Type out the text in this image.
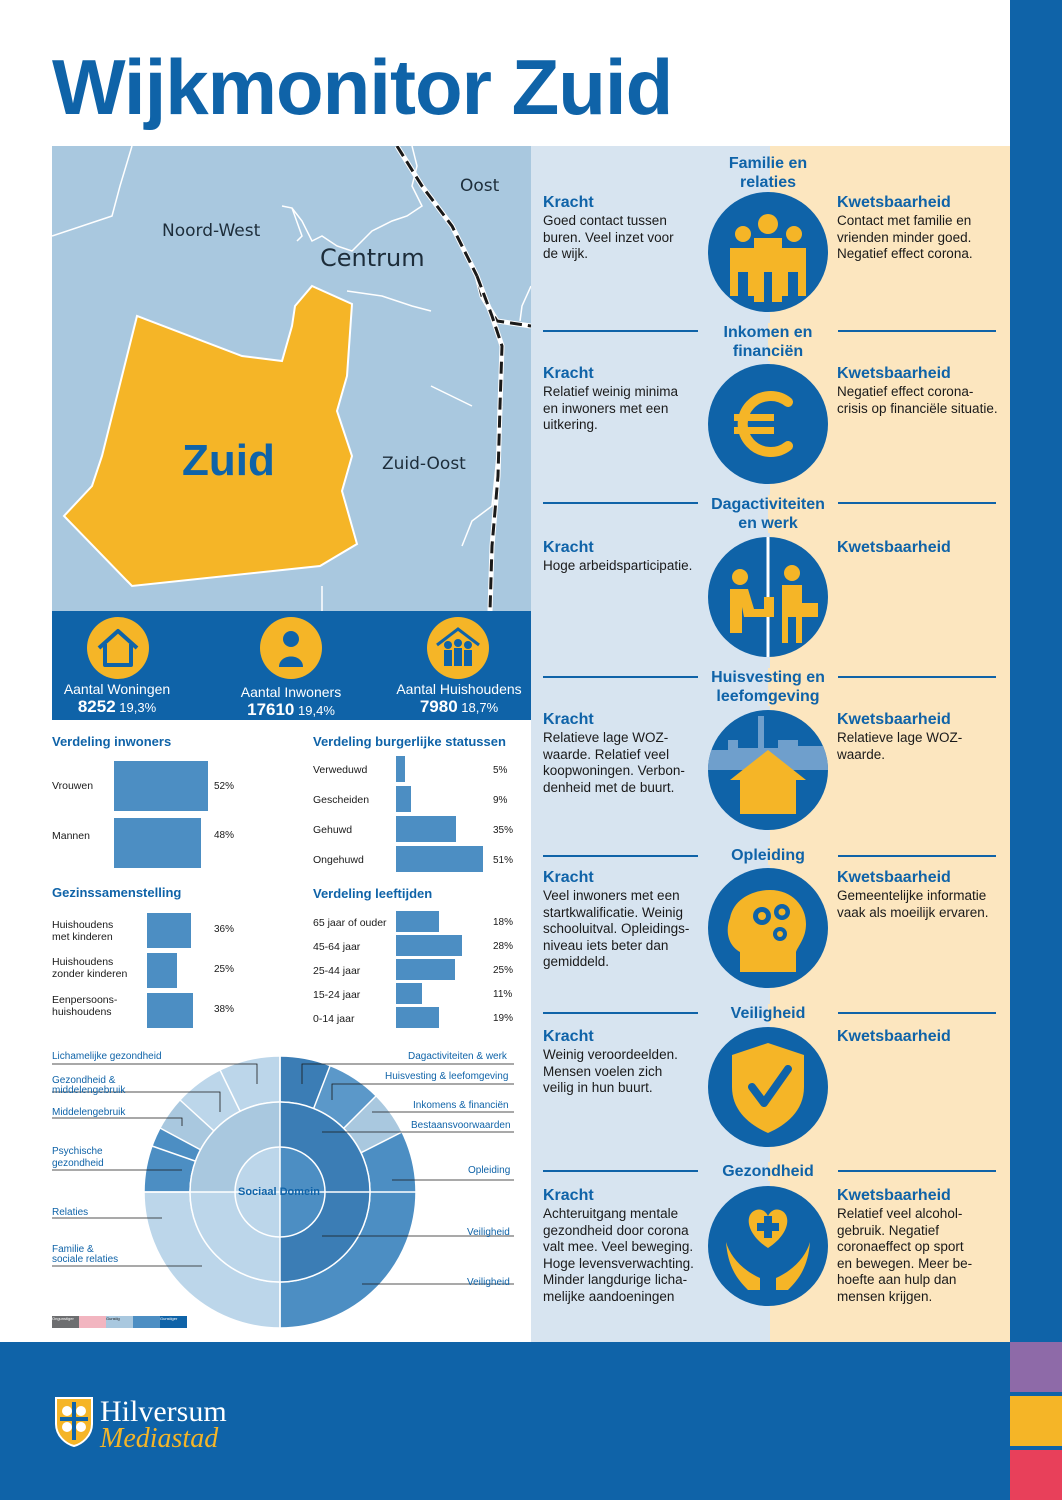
Wijkmonitor Zuid
Hilversum
Mediastad
Oost
Noord-West
Centrum
Zuid	Zuid-Oost
Aantal Woningen
8252 19,3%
Aantal Inwoners
17610 19,4%
Aantal Huishoudens
7980 18,7%
Verdeling inwoners
Vrouwen	52%
Mannen	48%
Gezinssamenstelling
Huishoudens
met kinderen
36%
Huishoudens
zonder kinderen	25%
Eenpersoons-
huishoudens	38%
Verdeling burgerlijke statussen
Verweduwd	5%
Gescheiden	9%
Gehuwd	35%
Ongehuwd	51%
Verdeling leeftijden
65 jaar of ouder	18%
45-64 jaar	28%
25-44 jaar	25%
15-24 jaar	11%
0-14 jaar	19%
Sociaal Domein
Lichamelijke gezondheid
Gezondheid &
middelengebruik
Middelengebruik
Psychische
gezondheid
Relaties
Familie &
sociale relaties
Dagactiviteiten & werk
Huisvesting & leefomgeving
Inkomens & financiën
Bestaansvoorwaarden
Opleiding
Veiligheid
Veiligheid
Ongunstiger	Gunstig	Gunstiger
Familie en
relaties
Kracht
Goed contact tussen
buren. Veel inzet voor
de wijk.
Kwetsbaarheid
Contact met familie en
vrienden minder goed.
Negatief effect corona.
Inkomen en
financiën
Kracht
Relatief weinig minima
en inwoners met een
uitkering.
Kwetsbaarheid
Negatief effect corona-
crisis op financiële situatie.
Dagactiviteiten
en werk
Kracht
Hoge arbeidsparticipatie.
Kwetsbaarheid
Huisvesting en
leefomgeving
Kracht
Relatieve lage WOZ-
waarde. Relatief veel
koopwoningen. Verbon-
denheid met de buurt.
Kwetsbaarheid
Relatieve lage WOZ-
waarde.
Opleiding
Kracht
Veel inwoners met een
startkwalificatie. Weinig
schooluitval. Opleidings-
niveau iets beter dan
gemiddeld.
Kwetsbaarheid
Gemeentelijke informatie
vaak als moeilijk ervaren.
Veiligheid
Kracht
Weinig veroordeelden.
Mensen voelen zich
veilig in hun buurt.
Kwetsbaarheid
Gezondheid
Kracht
Achteruitgang mentale
gezondheid door corona
valt mee. Veel beweging.
Hoge levensverwachting.
Minder langdurige licha-
melijke aandoeningen
Kwetsbaarheid
Relatief veel alcohol-
gebruik. Negatief
coronaeffect op sport
en bewegen. Meer be-
hoefte aan hulp dan
mensen krijgen.
